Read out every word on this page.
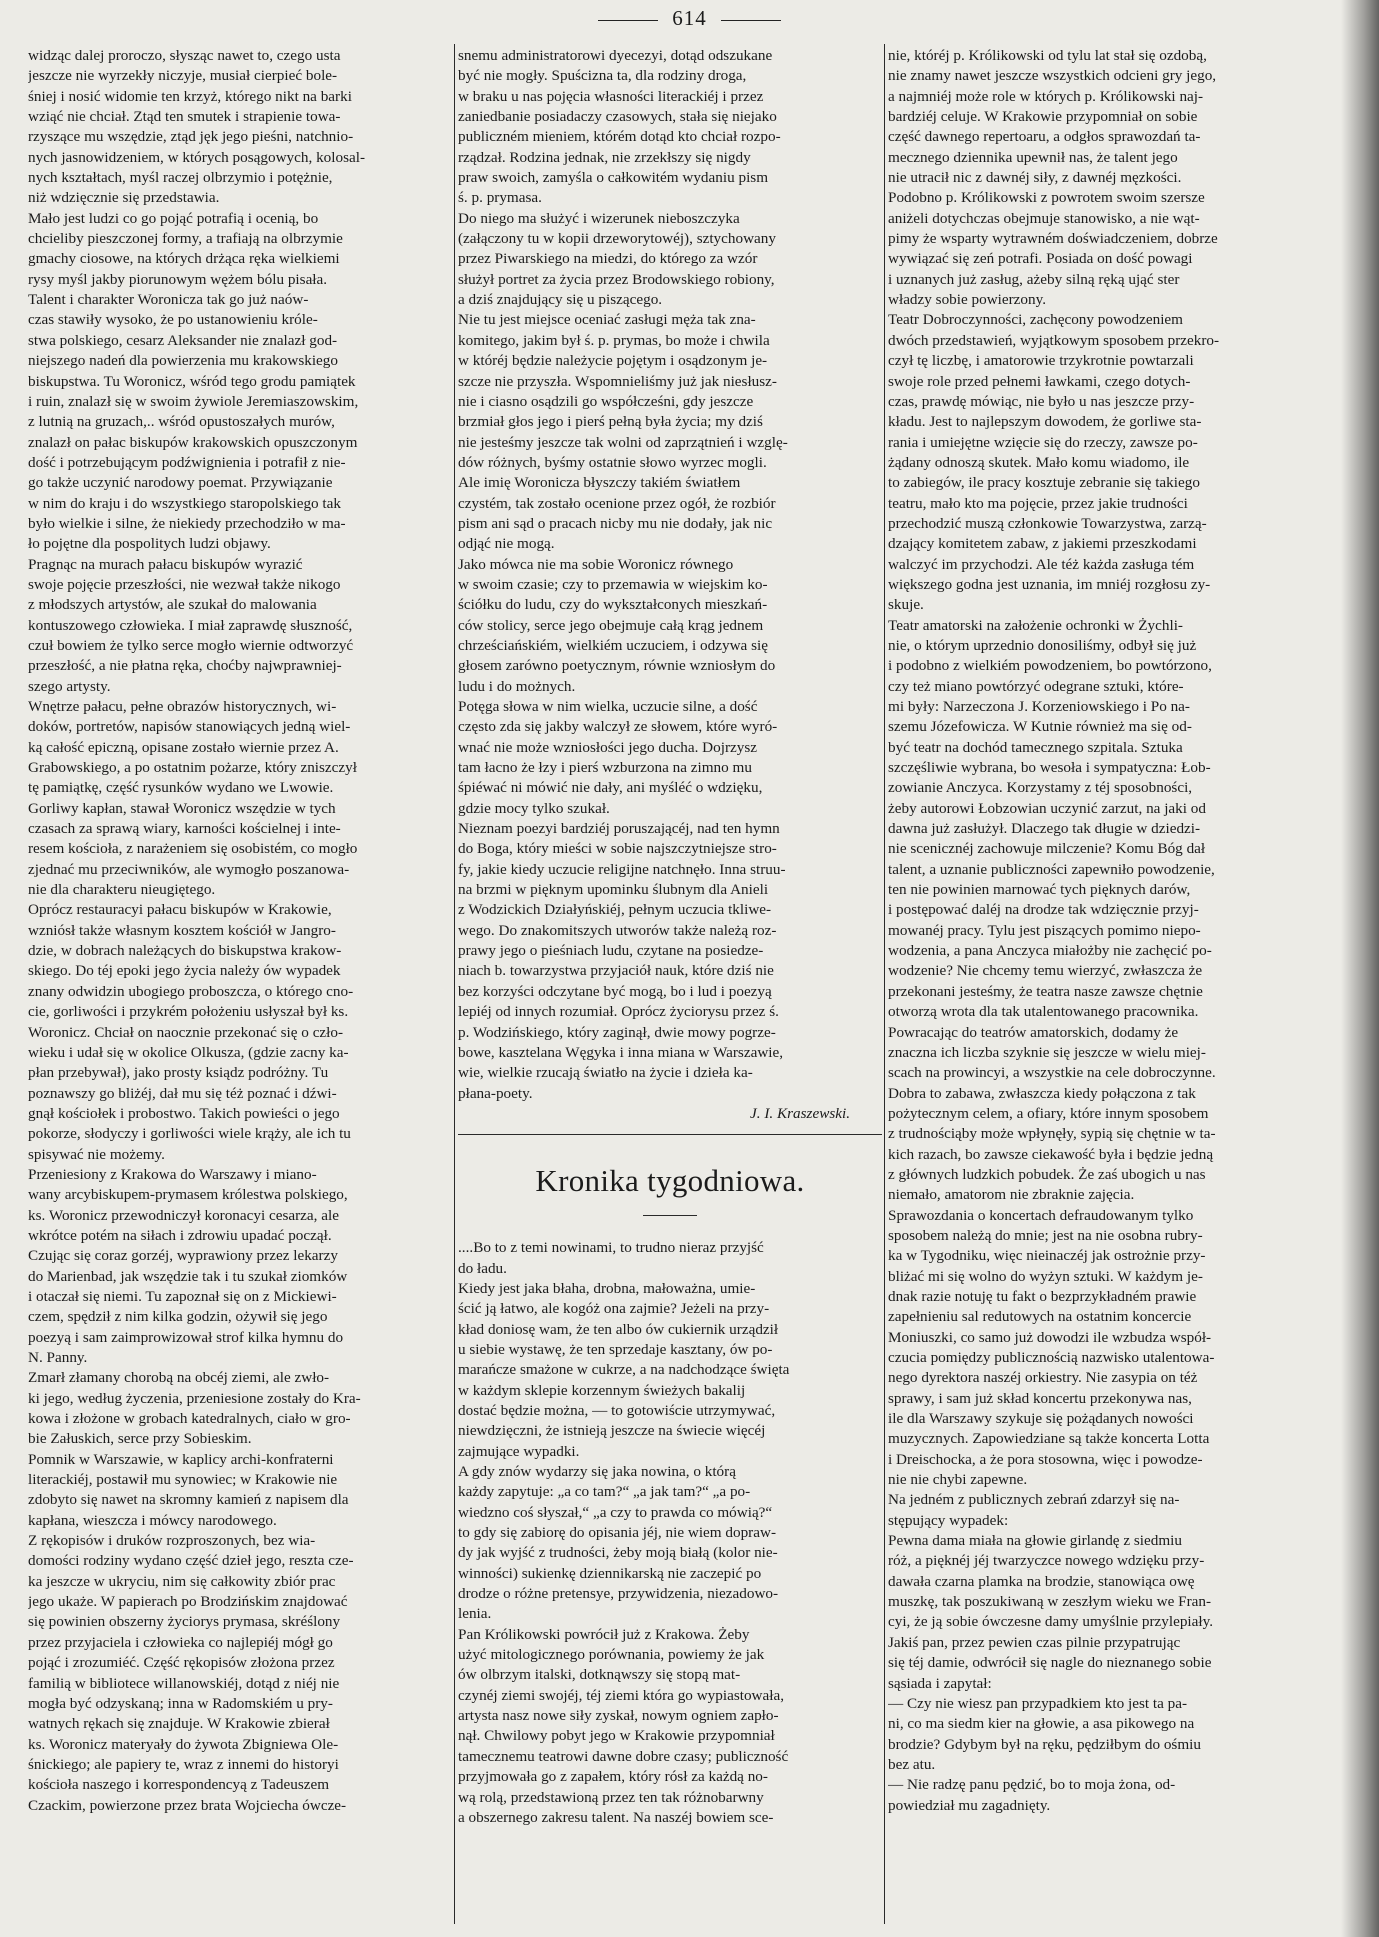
614
widząc dalej proroczo, słysząc nawet to, czego usta
jeszcze nie wyrzekły niczyje, musiał cierpieć bole-
śniej i nosić widomie ten krzyż, którego nikt na barki
wziąć nie chciał. Ztąd ten smutek i strapienie towa-
rzyszące mu wszędzie, ztąd jęk jego pieśni, natchnio-
nych jasnowidzeniem, w których posągowych, kolosal-
nych kształtach, myśl raczej olbrzymio i potężnie,
niż wdzięcznie się przedstawia.
Mało jest ludzi co go pojąć potrafią i ocenią, bo
chcieliby pieszczonej formy, a trafiają na olbrzymie
gmachy ciosowe, na których drżąca ręka wielkiemi
rysy myśl jakby piorunowym wężem bólu pisała.
Talent i charakter Woronicza tak go już naów-
czas stawiły wysoko, że po ustanowieniu króle-
stwa polskiego, cesarz Aleksander nie znalazł god-
niejszego nadeń dla powierzenia mu krakowskiego
biskupstwa. Tu Woronicz, wśród tego grodu pamiątek
i ruin, znalazł się w swoim żywiole Jeremiaszowskim,
z lutnią na gruzach,.. wśród opustoszałych murów,
znalazł on pałac biskupów krakowskich opuszczonym
dość i potrzebującym podźwignienia i potrafił z nie-
go także uczynić narodowy poemat. Przywiązanie
w nim do kraju i do wszystkiego staropolskiego tak
było wielkie i silne, że niekiedy przechodziło w ma-
ło pojętne dla pospolitych ludzi objawy.
Pragnąc na murach pałacu biskupów wyrazić
swoje pojęcie przeszłości, nie wezwał także nikogo
z młodszych artystów, ale szukał do malowania
kontuszowego człowieka. I miał zaprawdę słuszność,
czuł bowiem że tylko serce mogło wiernie odtworzyć
przeszłość, a nie płatna ręka, choćby najwprawniej-
szego artysty.
Wnętrze pałacu, pełne obrazów historycznych, wi-
doków, portretów, napisów stanowiących jedną wiel-
ką całość epiczną, opisane zostało wiernie przez A.
Grabowskiego, a po ostatnim pożarze, który zniszczył
tę pamiątkę, część rysunków wydano we Lwowie.
Gorliwy kapłan, stawał Woronicz wszędzie w tych
czasach za sprawą wiary, karności kościelnej i inte-
resem kościoła, z narażeniem się osobistém, co mogło
zjednać mu przeciwników, ale wymogło poszanowa-
nie dla charakteru nieugiętego.
Oprócz restauracyi pałacu biskupów w Krakowie,
wzniósł także własnym kosztem kościół w Jangro-
dzie, w dobrach należących do biskupstwa krakow-
skiego. Do téj epoki jego życia należy ów wypadek
znany odwidzin ubogiego proboszcza, o którego cno-
cie, gorliwości i przykrém położeniu usłyszał był ks.
Woronicz. Chciał on naocznie przekonać się o czło-
wieku i udał się w okolice Olkusza, (gdzie zacny ka-
płan przebywał), jako prosty ksiądz podróżny. Tu
poznawszy go bliżéj, dał mu się téż poznać i dźwi-
gnął kościołek i probostwo. Takich powieści o jego
pokorze, słodyczy i gorliwości wiele krąży, ale ich tu
spisywać nie możemy.
Przeniesiony z Krakowa do Warszawy i miano-
wany arcybiskupem-prymasem królestwa polskiego,
ks. Woronicz przewodniczył koronacyi cesarza, ale
wkrótce potém na siłach i zdrowiu upadać począł.
Czując się coraz gorzéj, wyprawiony przez lekarzy
do Marienbad, jak wszędzie tak i tu szukał ziomków
i otaczał się niemi. Tu zapoznał się on z Mickiewi-
czem, spędził z nim kilka godzin, ożywił się jego
poezyą i sam zaimprowizował strof kilka hymnu do
N. Panny.
Zmarł złamany chorobą na obcéj ziemi, ale zwło-
ki jego, według życzenia, przeniesione zostały do Kra-
kowa i złożone w grobach katedralnych, ciało w gro-
bie Załuskich, serce przy Sobieskim.
Pomnik w Warszawie, w kaplicy archi-konfraterni
literackiéj, postawił mu synowiec; w Krakowie nie
zdobyto się nawet na skromny kamień z napisem dla
kapłana, wieszcza i mówcy narodowego.
Z rękopisów i druków rozproszonych, bez wia-
domości rodziny wydano część dzieł jego, reszta cze-
ka jeszcze w ukryciu, nim się całkowity zbiór prac
jego ukaże. W papierach po Brodzińskim znajdować
się powinien obszerny życiorys prymasa, skréślony
przez przyjaciela i człowieka co najlepiéj mógł go
pojąć i zrozumiéć. Część rękopisów złożona przez
familią w bibliotece willanowskiéj, dotąd z niéj nie
mogła być odzyskaną; inna w Radomskiém u pry-
watnych rękach się znajduje. W Krakowie zbierał
ks. Woronicz materyały do żywota Zbigniewa Ole-
śnickiego; ale papiery te, wraz z innemi do historyi
kościoła naszego i korrespondencyą z Tadeuszem
Czackim, powierzone przez brata Wojciecha ówcze-
snemu administratorowi dyecezyi, dotąd odszukane
być nie mogły. Spuścizna ta, dla rodziny droga,
w braku u nas pojęcia własności literackiéj i przez
zaniedbanie posiadaczy czasowych, stała się niejako
publiczném mieniem, którém dotąd kto chciał rozpo-
rządzał. Rodzina jednak, nie zrzekłszy się nigdy
praw swoich, zamyśla o całkowitém wydaniu pism
ś. p. prymasa.
Do niego ma służyć i wizerunek nieboszczyka
(załączony tu w kopii drzeworytowéj), sztychowany
przez Piwarskiego na miedzi, do którego za wzór
służył portret za życia przez Brodowskiego robiony,
a dziś znajdujący się u piszącego.
Nie tu jest miejsce oceniać zasługi męża tak zna-
komitego, jakim był ś. p. prymas, bo może i chwila
w któréj będzie należycie pojętym i osądzonym je-
szcze nie przyszła. Wspomnieliśmy już jak niesłusz-
nie i ciasno osądzili go współcześni, gdy jeszcze
brzmiał głos jego i pierś pełną była życia; my dziś
nie jesteśmy jeszcze tak wolni od zaprzątnień i wzglę-
dów różnych, byśmy ostatnie słowo wyrzec mogli.
Ale imię Woronicza błyszczy takiém światłem
czystém, tak zostało ocenione przez ogół, że rozbiór
pism ani sąd o pracach nicby mu nie dodały, jak nic
odjąć nie mogą.
Jako mówca nie ma sobie Woronicz równego
w swoim czasie; czy to przemawia w wiejskim ko-
ściółku do ludu, czy do wykształconych mieszkań-
ców stolicy, serce jego obejmuje całą krąg jednem
chrześciańskiém, wielkiém uczuciem, i odzywa się
głosem zarówno poetycznym, równie wzniosłym do
ludu i do możnych.
Potęga słowa w nim wielka, uczucie silne, a dość
często zda się jakby walczył ze słowem, które wyró-
wnać nie może wzniosłości jego ducha. Dojrzysz
tam łacno że łzy i pierś wzburzona na zimno mu
śpiéwać ni mówić nie dały, ani myśléć o wdzięku,
gdzie mocy tylko szukał.
Nieznam poezyi bardziéj poruszającéj, nad ten hymn
do Boga, który mieści w sobie najszczytniejsze stro-
fy, jakie kiedy uczucie religijne natchnęło. Inna struu-
na brzmi w pięknym upominku ślubnym dla Anieli
z Wodzickich Działyńskiéj, pełnym uczucia tkliwe-
wego. Do znakomitszych utworów także należą roz-
prawy jego o pieśniach ludu, czytane na posiedze-
niach b. towarzystwa przyjaciół nauk, które dziś nie
bez korzyści odczytane być mogą, bo i lud i poezyą
lepiéj od innych rozumiał. Oprócz życiorysu przez ś.
p. Wodzińskiego, który zaginął, dwie mowy pogrze-
bowe, kasztelana Węgyka i inna miana w Warszawie,
wie, wielkie rzucają światło na życie i dzieła ka-
płana-poety.
J. I. Kraszewski.
Kronika tygodniowa.
....Bo to z temi nowinami, to trudno nieraz przyjść
do ładu.
Kiedy jest jaka błaha, drobna, małoważna, umie-
ścić ją łatwo, ale kogóż ona zajmie? Jeżeli na przy-
kład doniosę wam, że ten albo ów cukiernik urządził
u siebie wystawę, że ten sprzedaje kasztany, ów po-
marańcze smażone w cukrze, a na nadchodzące święta
w każdym sklepie korzennym świeżych bakalij
dostać będzie można, — to gotowiście utrzymywać,
niewdzięczni, że istnieją jeszcze na świecie więcéj
zajmujące wypadki.
A gdy znów wydarzy się jaka nowina, o którą
każdy zapytuje: „a co tam?“ „a jak tam?“ „a po-
wiedzno coś słyszał,“ „a czy to prawda co mówią?“
to gdy się zabiorę do opisania jéj, nie wiem dopraw-
dy jak wyjść z trudności, żeby moją białą (kolor nie-
winności) sukienkę dziennikarską nie zaczepić po
drodze o różne pretensye, przywidzenia, niezadowo-
lenia.
Pan Królikowski powrócił już z Krakowa. Żeby
użyć mitologicznego porównania, powiemy że jak
ów olbrzym italski, dotknąwszy się stopą mat-
czynéj ziemi swojéj, téj ziemi która go wypiastowała,
artysta nasz nowe siły zyskał, nowym ogniem zapło-
nął. Chwilowy pobyt jego w Krakowie przypomniał
tamecznemu teatrowi dawne dobre czasy; publiczność
przyjmowała go z zapałem, który rósł za każdą no-
wą rolą, przedstawioną przez ten tak różnobarwny
a obszernego zakresu talent. Na naszéj bowiem sce-
nie, któréj p. Królikowski od tylu lat stał się ozdobą,
nie znamy nawet jeszcze wszystkich odcieni gry jego,
a najmniéj może role w których p. Królikowski naj-
bardziéj celuje. W Krakowie przypomniał on sobie
część dawnego repertoaru, a odgłos sprawozdań ta-
mecznego dziennika upewnił nas, że talent jego
nie utracił nic z dawnéj siły, z dawnéj męzkości.
Podobno p. Królikowski z powrotem swoim szersze
aniżeli dotychczas obejmuje stanowisko, a nie wąt-
pimy że wsparty wytrawném doświadczeniem, dobrze
wywiązać się zeń potrafi. Posiada on dość powagi
i uznanych już zasług, ażeby silną ręką ująć ster
władzy sobie powierzony.
Teatr Dobroczynności, zachęcony powodzeniem
dwóch przedstawień, wyjątkowym sposobem przekro-
czył tę liczbę, i amatorowie trzykrotnie powtarzali
swoje role przed pełnemi ławkami, czego dotych-
czas, prawdę mówiąc, nie było u nas jeszcze przy-
kładu. Jest to najlepszym dowodem, że gorliwe sta-
rania i umiejętne wzięcie się do rzeczy, zawsze po-
żądany odnoszą skutek. Mało komu wiadomo, ile
to zabiegów, ile pracy kosztuje zebranie się takiego
teatru, mało kto ma pojęcie, przez jakie trudności
przechodzić muszą członkowie Towarzystwa, zarzą-
dzający komitetem zabaw, z jakiemi przeszkodami
walczyć im przychodzi. Ale téż każda zasługa tém
większego godna jest uznania, im mniéj rozgłosu zy-
skuje.
Teatr amatorski na założenie ochronki w Żychli-
nie, o którym uprzednio donosiliśmy, odbył się już
i podobno z wielkiém powodzeniem, bo powtórzono,
czy też miano powtórzyć odegrane sztuki, które-
mi były: Narzeczona J. Korzeniowskiego i Po na-
szemu Józefowicza. W Kutnie również ma się od-
być teatr na dochód tamecznego szpitala. Sztuka
szczęśliwie wybrana, bo wesoła i sympatyczna: Łob-
zowianie Anczyca. Korzystamy z téj sposobności,
żeby autorowi Łobzowian uczynić zarzut, na jaki od
dawna już zasłużył. Dlaczego tak długie w dziedzi-
nie scenicznéj zachowuje milczenie? Komu Bóg dał
talent, a uznanie publiczności zapewniło powodzenie,
ten nie powinien marnować tych pięknych darów,
i postępować daléj na drodze tak wdzięcznie przyj-
mowanéj pracy. Tylu jest piszących pomimo niepo-
wodzenia, a pana Anczyca miałożby nie zachęcić po-
wodzenie? Nie chcemy temu wierzyć, zwłaszcza że
przekonani jesteśmy, że teatra nasze zawsze chętnie
otworzą wrota dla tak utalentowanego pracownika.
Powracając do teatrów amatorskich, dodamy że
znaczna ich liczba szyknie się jeszcze w wielu miej-
scach na prowincyi, a wszystkie na cele dobroczynne.
Dobra to zabawa, zwłaszcza kiedy połączona z tak
pożytecznym celem, a ofiary, które innym sposobem
z trudnościąby może wpłynęły, sypią się chętnie w ta-
kich razach, bo zawsze ciekawość była i będzie jedną
z głównych ludzkich pobudek. Że zaś ubogich u nas
niemało, amatorom nie zbraknie zajęcia.
Sprawozdania o koncertach defraudowanym tylko
sposobem należą do mnie; jest na nie osobna rubry-
ka w Tygodniku, więc nieinaczéj jak ostrożnie przy-
bliżać mi się wolno do wyżyn sztuki. W każdym je-
dnak razie notuję tu fakt o bezprzykładném prawie
zapełnieniu sal redutowych na ostatnim koncercie
Moniuszki, co samo już dowodzi ile wzbudza współ-
czucia pomiędzy publicznością nazwisko utalentowa-
nego dyrektora naszéj orkiestry. Nie zasypia on téż
sprawy, i sam już skład koncertu przekonywa nas,
ile dla Warszawy szykuje się pożądanych nowości
muzycznych. Zapowiedziane są także koncerta Lotta
i Dreischocka, a że pora stosowna, więc i powodze-
nie nie chybi zapewne.
Na jedném z publicznych zebrań zdarzył się na-
stępujący wypadek:
Pewna dama miała na głowie girlandę z siedmiu
róż, a pięknéj jéj twarzyczce nowego wdzięku przy-
dawała czarna plamka na brodzie, stanowiąca owę
muszkę, tak poszukiwaną w zeszłym wieku we Fran-
cyi, że ją sobie ówczesne damy umyślnie przylepiały.
Jakiś pan, przez pewien czas pilnie przypatrując
się téj damie, odwrócił się nagle do nieznanego sobie
sąsiada i zapytał:
— Czy nie wiesz pan przypadkiem kto jest ta pa-
ni, co ma siedm kier na głowie, a asa pikowego na
brodzie? Gdybym był na ręku, pędziłbym do ośmiu
bez atu.
— Nie radzę panu pędzić, bo to moja żona, od-
powiedział mu zagadnięty.
